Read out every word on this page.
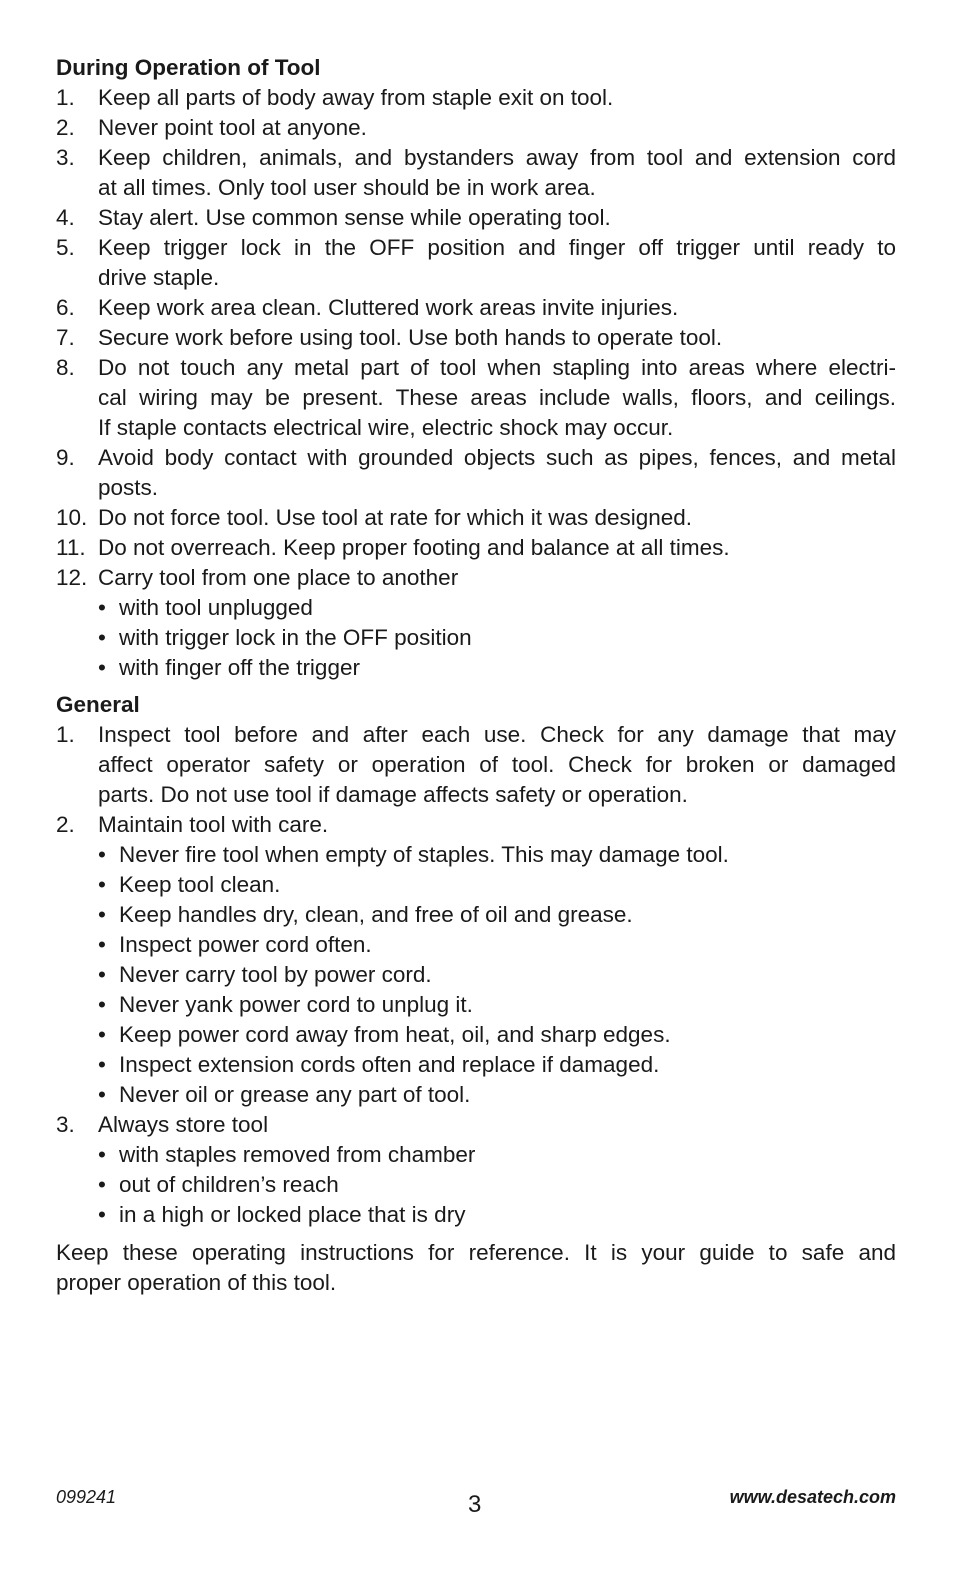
During Operation of Tool
1. Keep all parts of body away from staple exit on tool.
2. Never point tool at anyone.
3. Keep children, animals, and bystanders away from tool and extension cord
at all times. Only tool user should be in work area.
4. Stay alert. Use common sense while operating tool.
5. Keep trigger lock in the OFF position and finger off trigger until ready to
drive staple.
6. Keep work area clean. Cluttered work areas invite injuries.
7. Secure work before using tool. Use both hands to operate tool.
8. Do not touch any metal part of tool when stapling into areas where electri-
cal wiring may be present. These areas include walls, floors, and ceilings.
If staple contacts electrical wire, electric shock may occur.
9. Avoid body contact with grounded objects such as pipes, fences, and metal
posts.
10. Do not force tool. Use tool at rate for which it was designed.
11. Do not overreach. Keep proper footing and balance at all times.
12. Carry tool from one place to another
• with tool unplugged
• with trigger lock in the OFF position
• with finger off the trigger
General
1. Inspect tool before and after each use. Check for any damage that may
affect operator safety or operation of tool. Check for broken or damaged
parts. Do not use tool if damage affects safety or operation.
2. Maintain tool with care.
• Never fire tool when empty of staples. This may damage tool.
• Keep tool clean.
• Keep handles dry, clean, and free of oil and grease.
• Inspect power cord often.
• Never carry tool by power cord.
• Never yank power cord to unplug it.
• Keep power cord away from heat, oil, and sharp edges.
• Inspect extension cords often and replace if damaged.
• Never oil or grease any part of tool.
3. Always store tool
• with staples removed from chamber
• out of children’s reach
• in a high or locked place that is dry
Keep these operating instructions for reference. It is your guide to safe and
proper operation of this tool.
099241	3	www.desatech.com
